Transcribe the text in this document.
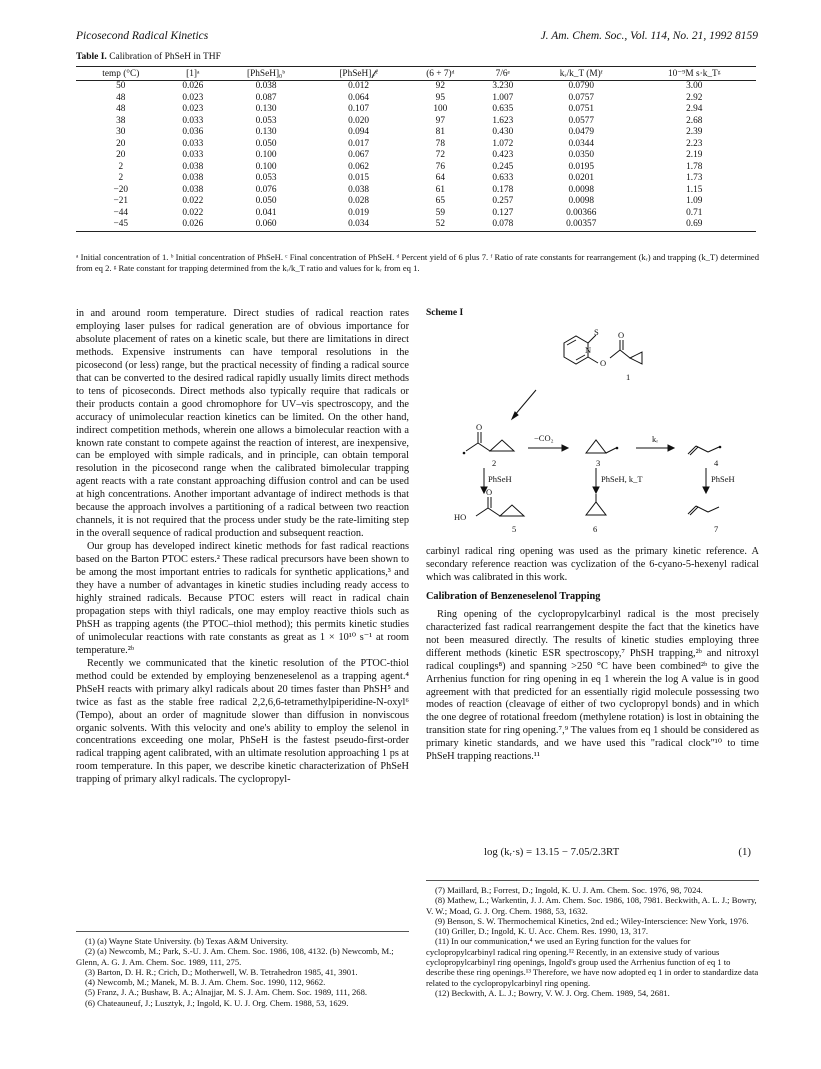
Picosecond Radical Kinetics	J. Am. Chem. Soc., Vol. 114, No. 21, 1992 8159
Table I. Calibration of PhSeH in THF
temp (°C)	[1]ᵃ	[PhSeH]₀ᵇ	[PhSeH]𝒻ᶜ	(6 + 7)ᵈ	7/6ᵉ	kᵣ/k_T (M)ᶠ	10⁻⁹M s·k_Tᵍ
50	0.026	0.038	0.012	92	3.230	0.0790	3.00
48	0.023	0.087	0.064	95	1.007	0.0757	2.92
48	0.023	0.130	0.107	100	0.635	0.0751	2.94
38	0.033	0.053	0.020	97	1.623	0.0577	2.68
30	0.036	0.130	0.094	81	0.430	0.0479	2.39
20	0.033	0.050	0.017	78	1.072	0.0344	2.23
20	0.033	0.100	0.067	72	0.423	0.0350	2.19
2	0.038	0.100	0.062	76	0.245	0.0195	1.78
2	0.038	0.053	0.015	64	0.633	0.0201	1.73
−20	0.038	0.076	0.038	61	0.178	0.0098	1.15
−21	0.022	0.050	0.028	65	0.257	0.0098	1.09
−44	0.022	0.041	0.019	59	0.127	0.00366	0.71
−45	0.026	0.060	0.034	52	0.078	0.00357	0.69
ᵃ Initial concentration of 1. ᵇ Initial concentration of PhSeH. ᶜ Final concentration of PhSeH. ᵈ Percent yield of 6 plus 7. ᶠ Ratio of rate constants for rearrangement (kᵣ) and trapping (k_T) determined from eq 2. ᵍ Rate constant for trapping determined from the kᵣ/k_T ratio and values for kᵣ from eq 1.

in and around room temperature. Direct studies of radical reaction rates employing laser pulses for radical generation are of obvious importance for absolute placement of rates on a kinetic scale, but there are limitations in direct methods. Expensive instruments can have temporal resolutions in the picosecond (or less) range, but the practical necessity of finding a radical source that can be converted to the desired radical rapidly usually limits direct methods to tens of picoseconds. Direct methods also typically require that radicals or their products contain a good chromophore for UV–vis spectroscopy, and the accuracy of unimolecular reaction kinetics can be limited. On the other hand, indirect competition methods, wherein one allows a bimolecular reaction with a known rate constant to compete against the reaction of interest, are inexpensive, can be employed with simple radicals, and in principle, can obtain temporal resolution in the picosecond range when the calibrated bimolecular trapping agent reacts with a rate constant approaching diffusion control and can be used at high concentrations. Another important advantage of indirect methods is that because the approach involves a partitioning of a radical between two reaction channels, it is not required that the process under study be the rate-limiting step in the overall sequence of radical production and subsequent reaction.

Our group has developed indirect kinetic methods for fast radical reactions based on the Barton PTOC esters.² These radical precursors have been shown to be among the most important entries to radicals for synthetic applications,³ and they have a number of advantages in kinetic studies including ready access to highly strained radicals. Because PTOC esters will react in radical chain propagation steps with thiyl radicals, one may employ reactive thiols such as PhSH as trapping agents (the PTOC–thiol method); this permits kinetic studies of unimolecular reactions with rate constants as great as 1 × 10¹⁰ s⁻¹ at room temperature.²ᵇ

Recently we communicated that the kinetic resolution of the PTOC-thiol method could be extended by employing benzeneselenol as a trapping agent.⁴ PhSeH reacts with primary alkyl radicals about 20 times faster than PhSH⁵ and twice as fast as the stable free radical 2,2,6,6-tetramethylpiperidine-N-oxyl⁶ (Tempo), about an order of magnitude slower than diffusion in nonviscous organic solvents. With this velocity and one's ability to employ the selenol in concentrations exceeding one molar, PhSeH is the fastest pseudo-first-order radical trapping agent calibrated, with an ultimate resolution approaching 1 ps at room temperature. In this paper, we describe kinetic characterization of PhSeH trapping of primary alkyl radicals. The cyclopropyl-

(1) (a) Wayne State University. (b) Texas A&M University.
(2) (a) Newcomb, M.; Park, S.-U. J. Am. Chem. Soc. 1986, 108, 4132. (b) Newcomb, M.; Glenn, A. G. J. Am. Chem. Soc. 1989, 111, 275.
(3) Barton, D. H. R.; Crich, D.; Motherwell, W. B. Tetrahedron 1985, 41, 3901.
(4) Newcomb, M.; Manek, M. B. J. Am. Chem. Soc. 1990, 112, 9662.
(5) Franz, J. A.; Bushaw, B. A.; Alnajjar, M. S. J. Am. Chem. Soc. 1989, 111, 268.
(6) Chateauneuf, J.; Lusztyk, J.; Ingold, K. U. J. Org. Chem. 1988, 53, 1629.
Scheme I
S
O
N
O
O
O
HO
1
2	3	4
5	6	7
−CO₂	kᵣ
PhSeH	PhSeH, k_T	PhSeH

carbinyl radical ring opening was used as the primary kinetic reference. A secondary reference reaction was cyclization of the 6-cyano-5-hexenyl radical which was calibrated in this work.

Calibration of Benzeneselenol Trapping

Ring opening of the cyclopropylcarbinyl radical is the most precisely characterized fast radical rearrangement despite the fact that the kinetics have not been measured directly. The results of kinetic studies employing three different methods (kinetic ESR spectroscopy,⁷ PhSH trapping,²ᵇ and nitroxyl radical couplings⁸) and spanning >250 °C have been combined²ᵇ to give the Arrhenius function for ring opening in eq 1 wherein the log A value is in good agreement with that predicted for an essentially rigid molecule possessing two modes of reaction (cleavage of either of two cyclopropyl bonds) and in which the one degree of rotational freedom (methylene rotation) is lost in obtaining the transition state for ring opening.⁷,⁹ The values from eq 1 should be considered as primary kinetic standards, and we have used this "radical clock"¹⁰ to time PhSeH trapping reactions.¹¹

log (kᵣ·s) = 13.15 − 7.05/2.3RT	(1)
(7) Maillard, B.; Forrest, D.; Ingold, K. U. J. Am. Chem. Soc. 1976, 98, 7024.
(8) Mathew, L.; Warkentin, J. J. Am. Chem. Soc. 1986, 108, 7981. Beckwith, A. L. J.; Bowry, V. W.; Moad, G. J. Org. Chem. 1988, 53, 1632.
(9) Benson, S. W. Thermochemical Kinetics, 2nd ed.; Wiley-Interscience: New York, 1976.
(10) Griller, D.; Ingold, K. U. Acc. Chem. Res. 1990, 13, 317.
(11) In our communication,⁴ we used an Eyring function for the values for cyclopropylcarbinyl radical ring opening.¹² Recently, in an extensive study of various cyclopropylcarbinyl ring openings, Ingold's group used the Arrhenius function of eq 1 to describe these ring openings.¹³ Therefore, we have now adopted eq 1 in order to standardize data related to the cyclopropylcarbinyl ring opening.
(12) Beckwith, A. L. J.; Bowry, V. W. J. Org. Chem. 1989, 54, 2681.
